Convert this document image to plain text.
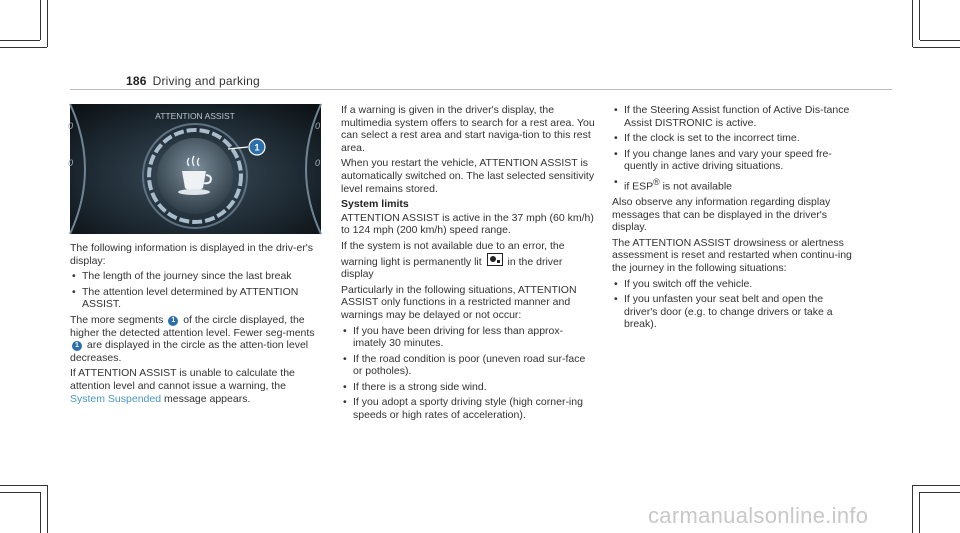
186 Driving and parking
0
0
0
0
ATTENTION ASSIST
1

The following information is displayed in the driv-er's display:

• The length of the journey since the last break
• The attention level determined by ATTENTION ASSIST.

The more segments 1 of the circle displayed, the higher the detected attention level. Fewer seg-ments 1 are displayed in the circle as the atten-tion level decreases.

If ATTENTION ASSIST is unable to calculate the attention level and cannot issue a warning, the System Suspended message appears.

If a warning is given in the driver's display, the multimedia system offers to search for a rest area. You can select a rest area and start naviga-tion to this rest area.

When you restart the vehicle, ATTENTION ASSIST is automatically switched on. The last selected sensitivity level remains stored.

System limits

ATTENTION ASSIST is active in the 37 mph (60 km/h) to 124 mph (200 km/h) speed range.

If the system is not available due to an error, the warning light is permanently lit in the driver display

Particularly in the following situations, ATTENTION ASSIST only functions in a restricted manner and warnings may be delayed or not occur:

• If you have been driving for less than approx-imately 30 minutes.
• If the road condition is poor (uneven road sur-face or potholes).
• If there is a strong side wind.
• If you adopt a sporty driving style (high corner-ing speeds or high rates of acceleration).
• If the Steering Assist function of Active Dis-tance Assist DISTRONIC is active.
• If the clock is set to the incorrect time.
• If you change lanes and vary your speed fre-quently in active driving situations.
• if ESP® is not available

Also observe any information regarding display messages that can be displayed in the driver's display.

The ATTENTION ASSIST drowsiness or alertness assessment is reset and restarted when continu-ing the journey in the following situations:

• If you switch off the vehicle.
• If you unfasten your seat belt and open the driver's door (e.g. to change drivers or take a break).
carmanualsonline.info
